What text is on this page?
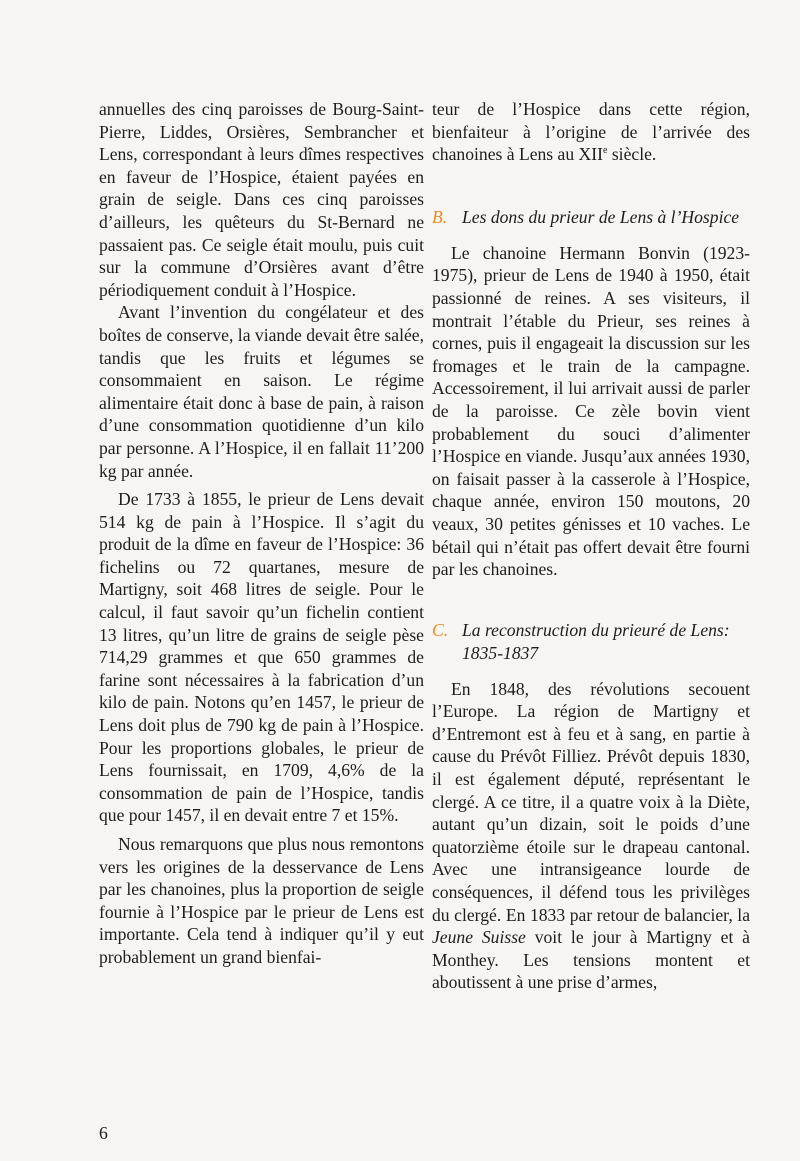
annuelles des cinq paroisses de Bourg-Saint-Pierre, Liddes, Orsières, Sembrancher et Lens, correspondant à leurs dîmes respectives en faveur de l’Hospice, étaient payées en grain de seigle. Dans ces cinq paroisses d’ailleurs, les quêteurs du St-Bernard ne passaient pas. Ce seigle était moulu, puis cuit sur la commune d’Orsières avant d’être périodiquement conduit à l’Hospice.

Avant l’invention du congélateur et des boîtes de conserve, la viande devait être salée, tandis que les fruits et légumes se consommaient en saison. Le régime alimentaire était donc à base de pain, à raison d’une consommation quotidienne d’un kilo par personne. A l’Hospice, il en fallait 11’200 kg par année.

De 1733 à 1855, le prieur de Lens devait 514 kg de pain à l’Hospice. Il s’agit du produit de la dîme en faveur de l’Hospice: 36 fichelins ou 72 quartanes, mesure de Martigny, soit 468 litres de seigle. Pour le calcul, il faut savoir qu’un fichelin contient 13 litres, qu’un litre de grains de seigle pèse 714,29 grammes et que 650 grammes de farine sont nécessaires à la fabrication d’un kilo de pain. Notons qu’en 1457, le prieur de Lens doit plus de 790 kg de pain à l’Hospice. Pour les proportions globales, le prieur de Lens fournissait, en 1709, 4,6% de la consommation de pain de l’Hospice, tandis que pour 1457, il en devait entre 7 et 15%.

Nous remarquons que plus nous remontons vers les origines de la desservance de Lens par les chanoines, plus la proportion de seigle fournie à l’Hospice par le prieur de Lens est importante. Cela tend à indiquer qu’il y eut probablement un grand bienfai-

teur de l’Hospice dans cette région, bienfaiteur à l’origine de l’arrivée des chanoines à Lens au XIIe siècle.

B. Les dons du prieur de Lens à l’Hospice

Le chanoine Hermann Bonvin (1923-1975), prieur de Lens de 1940 à 1950, était passionné de reines. A ses visiteurs, il montrait l’étable du Prieur, ses reines à cornes, puis il engageait la discussion sur les fromages et le train de la campagne. Accessoirement, il lui arrivait aussi de parler de la paroisse. Ce zèle bovin vient probablement du souci d’alimenter l’Hospice en viande. Jusqu’aux années 1930, on faisait passer à la casserole à l’Hospice, chaque année, environ 150 moutons, 20 veaux, 30 petites génisses et 10 vaches. Le bétail qui n’était pas offert devait être fourni par les chanoines.

C. La reconstruction du prieuré de Lens: 1835-1837

En 1848, des révolutions secouent l’Europe. La région de Martigny et d’Entremont est à feu et à sang, en partie à cause du Prévôt Filliez. Prévôt depuis 1830, il est également député, représentant le clergé. A ce titre, il a quatre voix à la Diète, autant qu’un dizain, soit le poids d’une quatorzième étoile sur le drapeau cantonal. Avec une intransigeance lourde de conséquences, il défend tous les privilèges du clergé. En 1833 par retour de balancier, la Jeune Suisse voit le jour à Martigny et à Monthey. Les tensions montent et aboutissent à une prise d’armes,

6
